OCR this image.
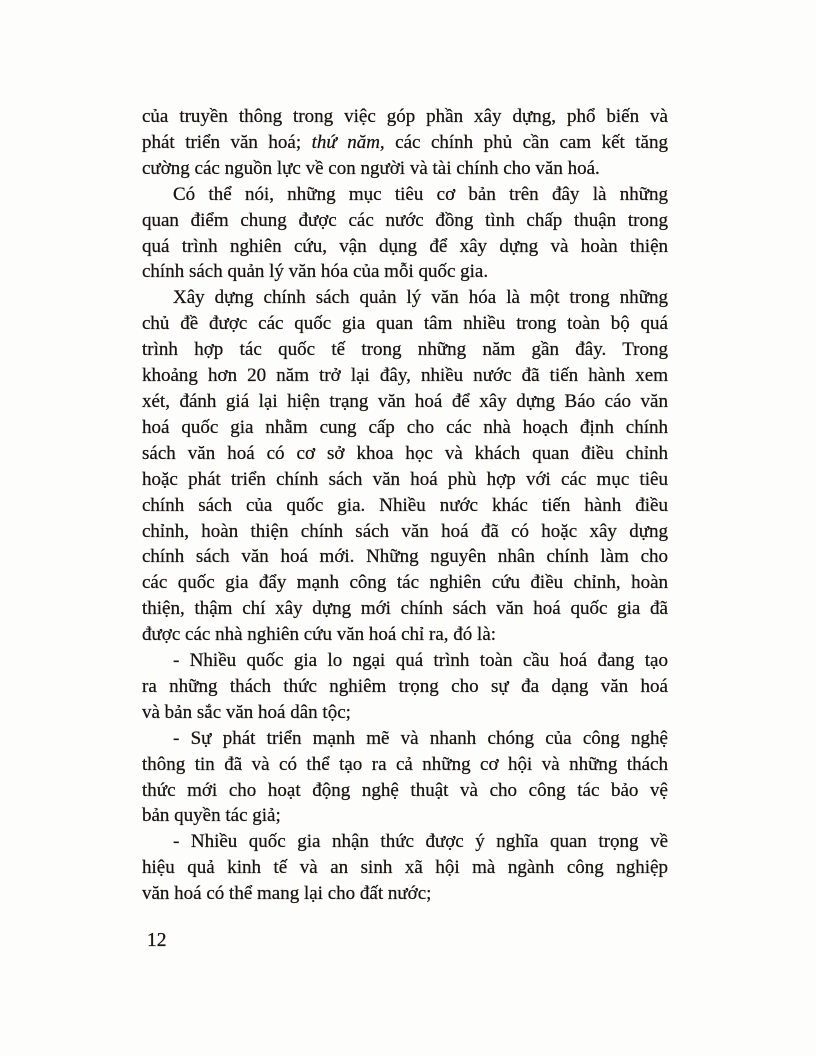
của truyền thông trong việc góp phần xây dựng, phổ biến và
phát triển văn hoá; thứ năm, các chính phủ cần cam kết tăng
cường các nguồn lực về con người và tài chính cho văn hoá.
Có thể nói, những mục tiêu cơ bản trên đây là những
quan điểm chung được các nước đồng tình chấp thuận trong
quá trình nghiên cứu, vận dụng để xây dựng và hoàn thiện
chính sách quản lý văn hóa của mỗi quốc gia.
Xây dựng chính sách quản lý văn hóa là một trong những
chủ đề được các quốc gia quan tâm nhiều trong toàn bộ quá
trình hợp tác quốc tế trong những năm gần đây. Trong
khoảng hơn 20 năm trở lại đây, nhiều nước đã tiến hành xem
xét, đánh giá lại hiện trạng văn hoá để xây dựng Báo cáo văn
hoá quốc gia nhằm cung cấp cho các nhà hoạch định chính
sách văn hoá có cơ sở khoa học và khách quan điều chỉnh
hoặc phát triển chính sách văn hoá phù hợp với các mục tiêu
chính sách của quốc gia. Nhiều nước khác tiến hành điều
chỉnh, hoàn thiện chính sách văn hoá đã có hoặc xây dựng
chính sách văn hoá mới. Những nguyên nhân chính làm cho
các quốc gia đẩy mạnh công tác nghiên cứu điều chỉnh, hoàn
thiện, thậm chí xây dựng mới chính sách văn hoá quốc gia đã
được các nhà nghiên cứu văn hoá chỉ ra, đó là:
- Nhiều quốc gia lo ngại quá trình toàn cầu hoá đang tạo
ra những thách thức nghiêm trọng cho sự đa dạng văn hoá
và bản sắc văn hoá dân tộc;
- Sự phát triển mạnh mẽ và nhanh chóng của công nghệ
thông tin đã và có thể tạo ra cả những cơ hội và những thách
thức mới cho hoạt động nghệ thuật và cho công tác bảo vệ
bản quyền tác giả;
- Nhiều quốc gia nhận thức được ý nghĩa quan trọng về
hiệu quả kinh tế và an sinh xã hội mà ngành công nghiệp
văn hoá có thể mang lại cho đất nước;
12
